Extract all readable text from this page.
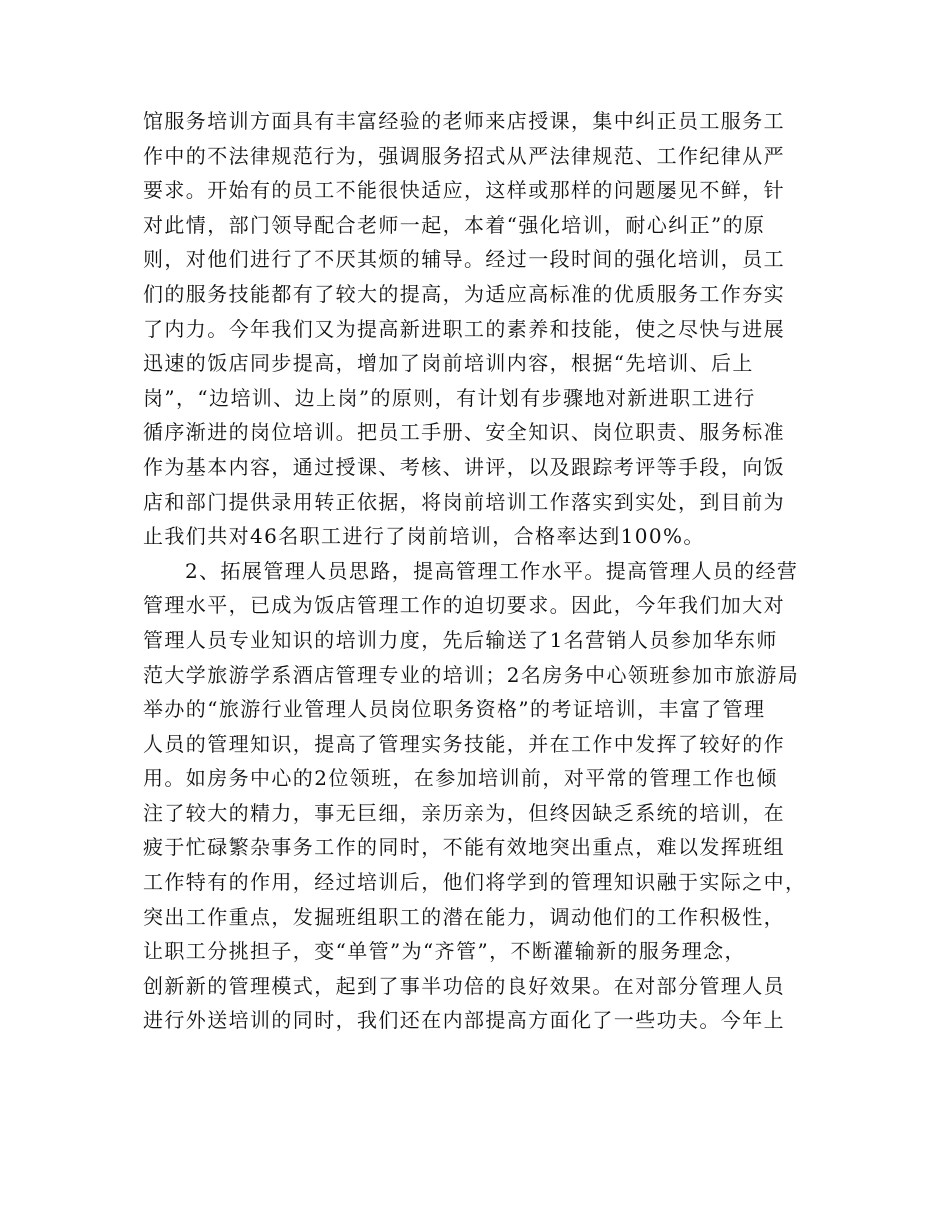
馆服务培训方面具有丰富经验的老师来店授课，集中纠正员工服务工
作中的不法律规范行为，强调服务招式从严法律规范、工作纪律从严
要求。开始有的员工不能很快适应，这样或那样的问题屡见不鲜，针
对此情，部门领导配合老师一起，本着“强化培训，耐心纠正”的原
则，对他们进行了不厌其烦的辅导。经过一段时间的强化培训，员工
们的服务技能都有了较大的提高，为适应高标准的优质服务工作夯实
了内力。今年我们又为提高新进职工的素养和技能，使之尽快与进展
迅速的饭店同步提高，增加了岗前培训内容，根据“先培训、后上
岗”，“边培训、边上岗”的原则，有计划有步骤地对新进职工进行
循序渐进的岗位培训。把员工手册、安全知识、岗位职责、服务标准
作为基本内容，通过授课、考核、讲评，以及跟踪考评等手段，向饭
店和部门提供录用转正依据，将岗前培训工作落实到实处，到目前为
止我们共对46名职工进行了岗前培训，合格率达到100%。
2、拓展管理人员思路，提高管理工作水平。提高管理人员的经营
管理水平，已成为饭店管理工作的迫切要求。因此，今年我们加大对
管理人员专业知识的培训力度，先后输送了1名营销人员参加华东师
范大学旅游学系酒店管理专业的培训；2名房务中心领班参加市旅游局
举办的“旅游行业管理人员岗位职务资格”的考证培训，丰富了管理
人员的管理知识，提高了管理实务技能，并在工作中发挥了较好的作
用。如房务中心的2位领班，在参加培训前，对平常的管理工作也倾
注了较大的精力，事无巨细，亲历亲为，但终因缺乏系统的培训，在
疲于忙碌繁杂事务工作的同时，不能有效地突出重点，难以发挥班组
工作特有的作用，经过培训后，他们将学到的管理知识融于实际之中，
突出工作重点，发掘班组职工的潜在能力，调动他们的工作积极性，
让职工分挑担子，变“单管”为“齐管”，不断灌输新的服务理念，
创新新的管理模式，起到了事半功倍的良好效果。在对部分管理人员
进行外送培训的同时，我们还在内部提高方面化了一些功夫。今年上
